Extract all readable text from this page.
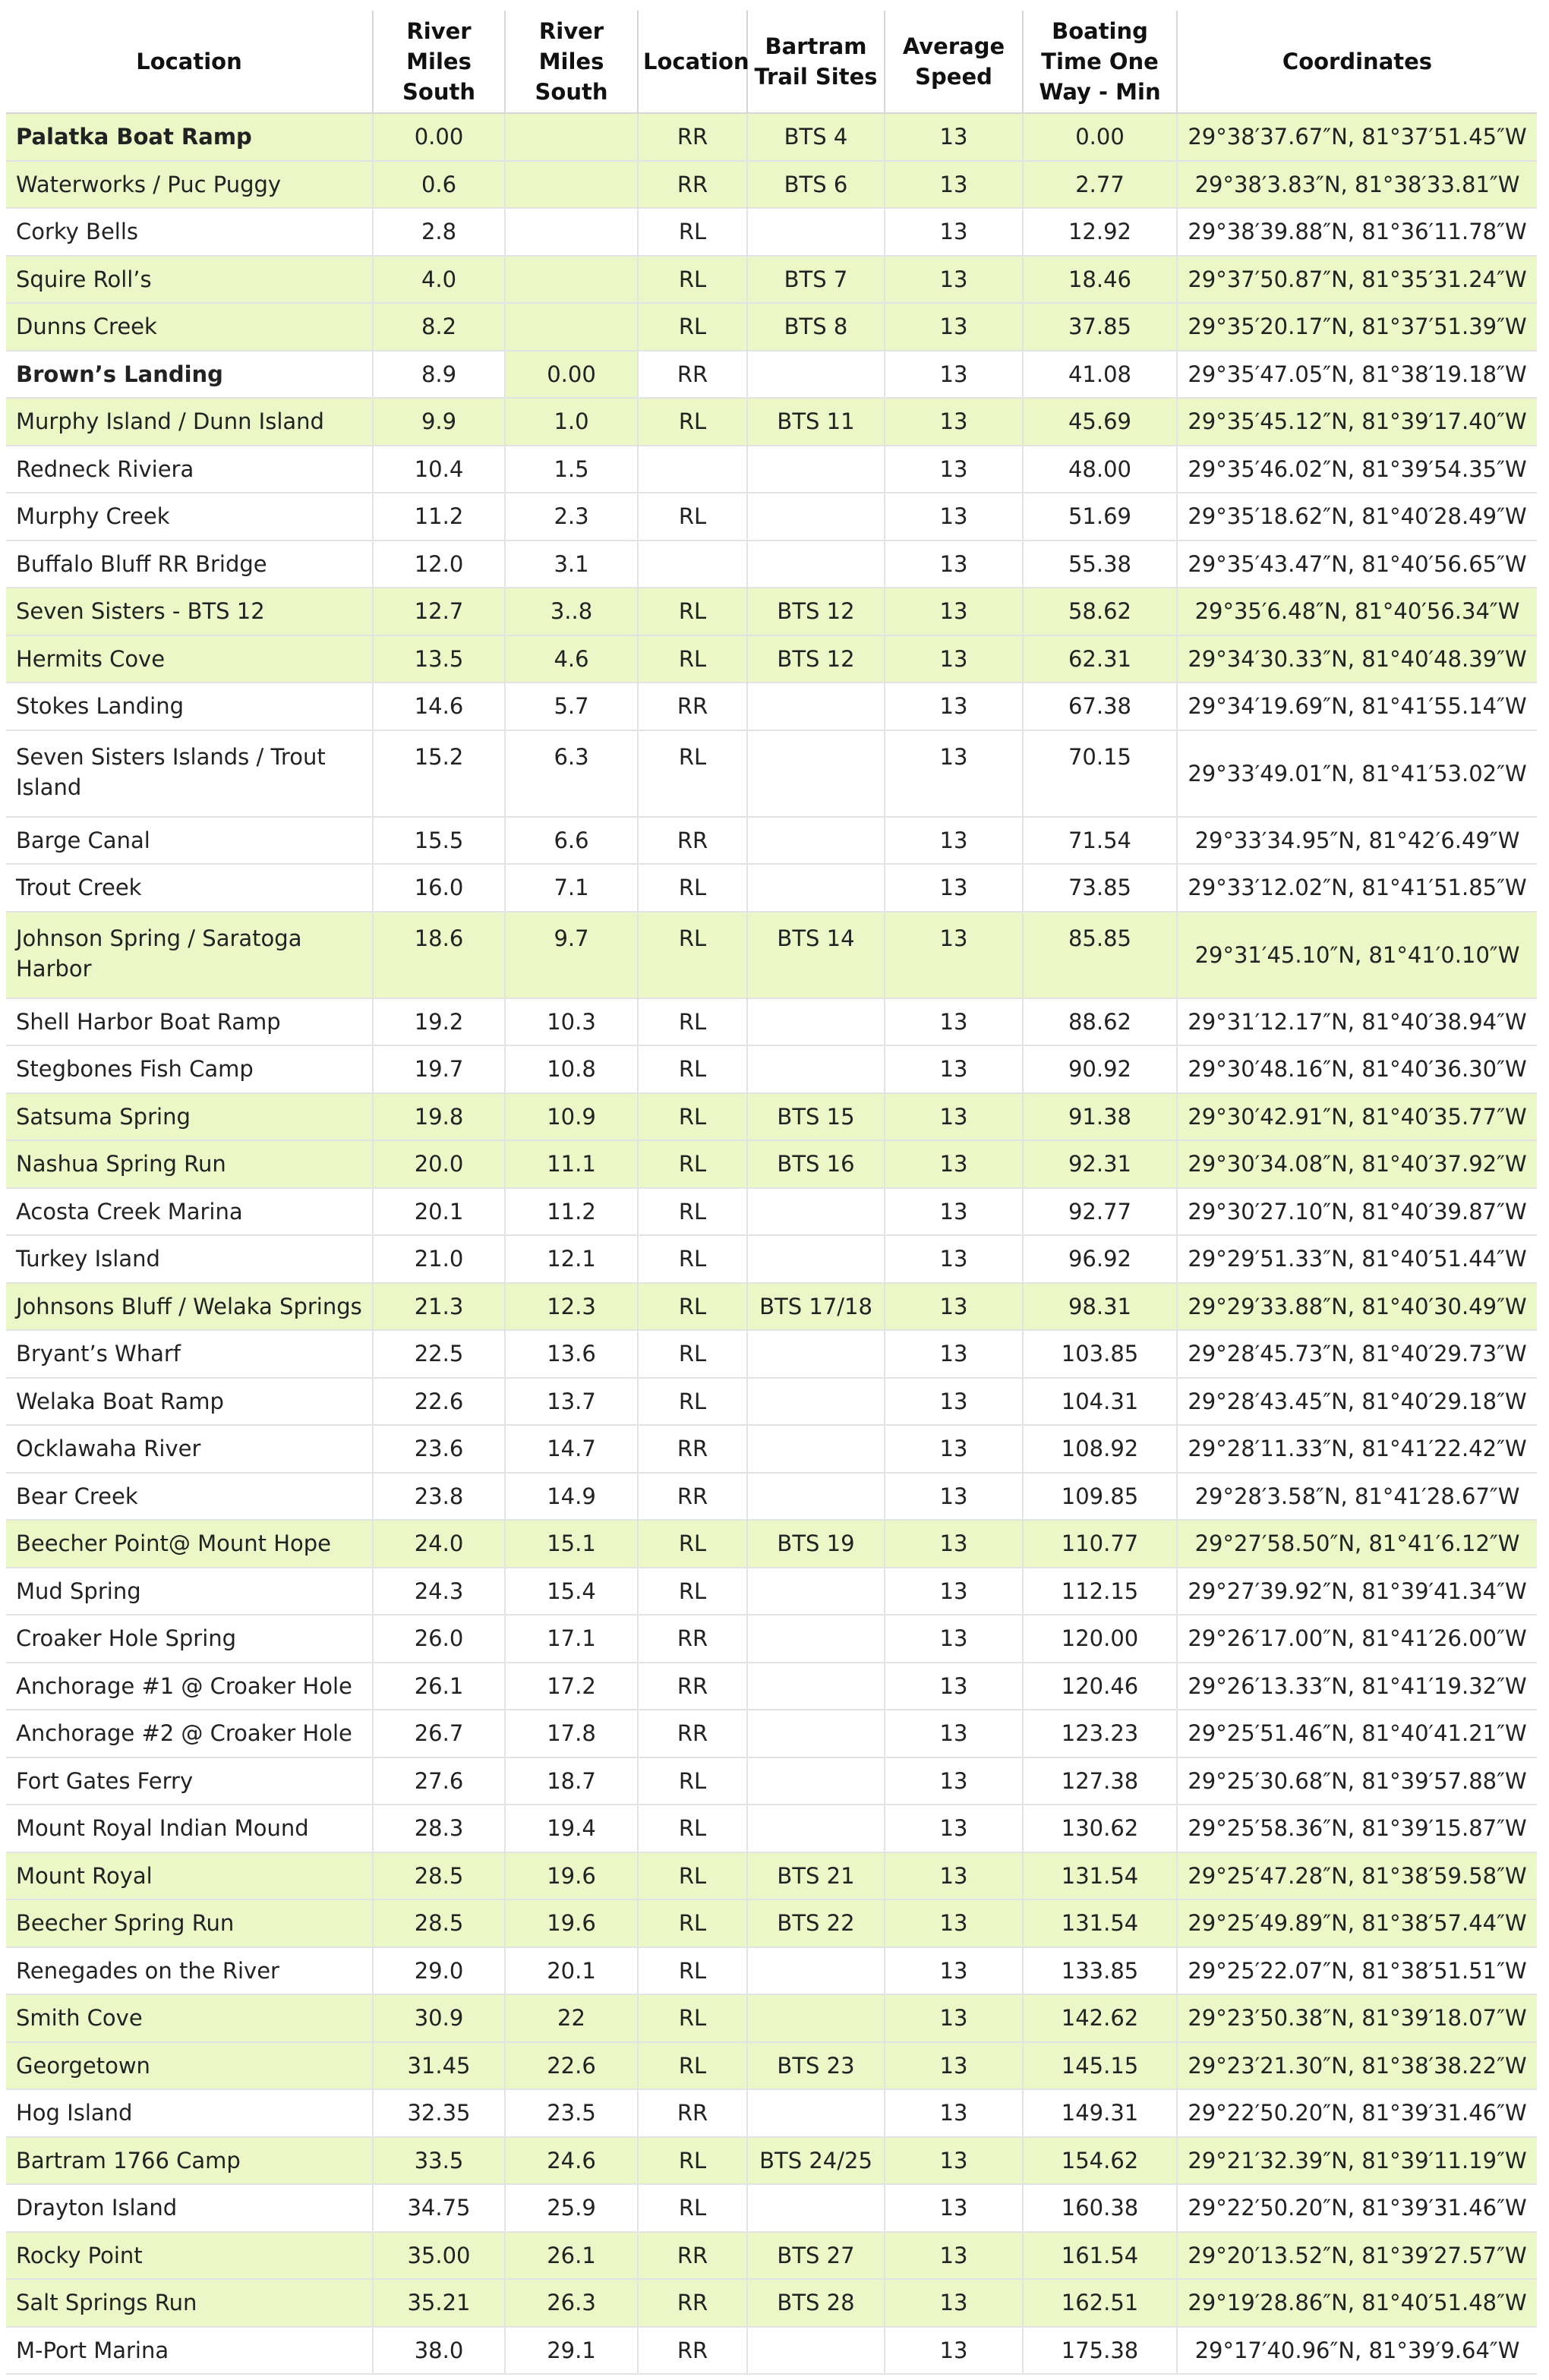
Location	River Miles South	River Miles South	Location	Bartram Trail Sites	Average Speed	Boating Time One Way - Min	Coordinates
Palatka Boat Ramp	0.00		RR	BTS 4	13	0.00	29°38′37.67″N, 81°37′51.45″W
Waterworks / Puc Puggy	0.6		RR	BTS 6	13	2.77	29°38′3.83″N, 81°38′33.81″W
Corky Bells	2.8		RL		13	12.92	29°38′39.88″N, 81°36′11.78″W
Squire Roll’s	4.0		RL	BTS 7	13	18.46	29°37′50.87″N, 81°35′31.24″W
Dunns Creek	8.2		RL	BTS 8	13	37.85	29°35′20.17″N, 81°37′51.39″W
Brown’s Landing	8.9	0.00	RR		13	41.08	29°35′47.05″N, 81°38′19.18″W
Murphy Island / Dunn Island	9.9	1.0	RL	BTS 11	13	45.69	29°35′45.12″N, 81°39′17.40″W
Redneck Riviera	10.4	1.5			13	48.00	29°35′46.02″N, 81°39′54.35″W
Murphy Creek	11.2	2.3	RL		13	51.69	29°35′18.62″N, 81°40′28.49″W
Buffalo Bluff RR Bridge	12.0	3.1			13	55.38	29°35′43.47″N, 81°40′56.65″W
Seven Sisters - BTS 12	12.7	3..8	RL	BTS 12	13	58.62	29°35′6.48″N, 81°40′56.34″W
Hermits Cove	13.5	4.6	RL	BTS 12	13	62.31	29°34′30.33″N, 81°40′48.39″W
Stokes Landing	14.6	5.7	RR		13	67.38	29°34′19.69″N, 81°41′55.14″W
Seven Sisters Islands / Trout Island	15.2	6.3	RL		13	70.15	29°33′49.01″N, 81°41′53.02″W
Barge Canal	15.5	6.6	RR		13	71.54	29°33′34.95″N, 81°42′6.49″W
Trout Creek	16.0	7.1	RL		13	73.85	29°33′12.02″N, 81°41′51.85″W
Johnson Spring / Saratoga Harbor	18.6	9.7	RL	BTS 14	13	85.85	29°31′45.10″N, 81°41′0.10″W
Shell Harbor Boat Ramp	19.2	10.3	RL		13	88.62	29°31′12.17″N, 81°40′38.94″W
Stegbones Fish Camp	19.7	10.8	RL		13	90.92	29°30′48.16″N, 81°40′36.30″W
Satsuma Spring	19.8	10.9	RL	BTS 15	13	91.38	29°30′42.91″N, 81°40′35.77″W
Nashua Spring Run	20.0	11.1	RL	BTS 16	13	92.31	29°30′34.08″N, 81°40′37.92″W
Acosta Creek Marina	20.1	11.2	RL		13	92.77	29°30′27.10″N, 81°40′39.87″W
Turkey Island	21.0	12.1	RL		13	96.92	29°29′51.33″N, 81°40′51.44″W
Johnsons Bluff / Welaka Springs	21.3	12.3	RL	BTS 17/18	13	98.31	29°29′33.88″N, 81°40′30.49″W
Bryant’s Wharf	22.5	13.6	RL		13	103.85	29°28′45.73″N, 81°40′29.73″W
Welaka Boat Ramp	22.6	13.7	RL		13	104.31	29°28′43.45″N, 81°40′29.18″W
Ocklawaha River	23.6	14.7	RR		13	108.92	29°28′11.33″N, 81°41′22.42″W
Bear Creek	23.8	14.9	RR		13	109.85	29°28′3.58″N, 81°41′28.67″W
Beecher Point@ Mount Hope	24.0	15.1	RL	BTS 19	13	110.77	29°27′58.50″N, 81°41′6.12″W
Mud Spring	24.3	15.4	RL		13	112.15	29°27′39.92″N, 81°39′41.34″W
Croaker Hole Spring	26.0	17.1	RR		13	120.00	29°26′17.00″N, 81°41′26.00″W
Anchorage #1 @ Croaker Hole	26.1	17.2	RR		13	120.46	29°26′13.33″N, 81°41′19.32″W
Anchorage #2 @ Croaker Hole	26.7	17.8	RR		13	123.23	29°25′51.46″N, 81°40′41.21″W
Fort Gates Ferry	27.6	18.7	RL		13	127.38	29°25′30.68″N, 81°39′57.88″W
Mount Royal Indian Mound	28.3	19.4	RL		13	130.62	29°25′58.36″N, 81°39′15.87″W
Mount Royal	28.5	19.6	RL	BTS 21	13	131.54	29°25′47.28″N, 81°38′59.58″W
Beecher Spring Run	28.5	19.6	RL	BTS 22	13	131.54	29°25′49.89″N, 81°38′57.44″W
Renegades on the River	29.0	20.1	RL		13	133.85	29°25′22.07″N, 81°38′51.51″W
Smith Cove	30.9	22	RL		13	142.62	29°23′50.38″N, 81°39′18.07″W
Georgetown	31.45	22.6	RL	BTS 23	13	145.15	29°23′21.30″N, 81°38′38.22″W
Hog Island	32.35	23.5	RR		13	149.31	29°22′50.20″N, 81°39′31.46″W
Bartram 1766 Camp	33.5	24.6	RL	BTS 24/25	13	154.62	29°21′32.39″N, 81°39′11.19″W
Drayton Island	34.75	25.9	RL		13	160.38	29°22′50.20″N, 81°39′31.46″W
Rocky Point	35.00	26.1	RR	BTS 27	13	161.54	29°20′13.52″N, 81°39′27.57″W
Salt Springs Run	35.21	26.3	RR	BTS 28	13	162.51	29°19′28.86″N, 81°40′51.48″W
M-Port Marina	38.0	29.1	RR		13	175.38	29°17′40.96″N, 81°39′9.64″W
